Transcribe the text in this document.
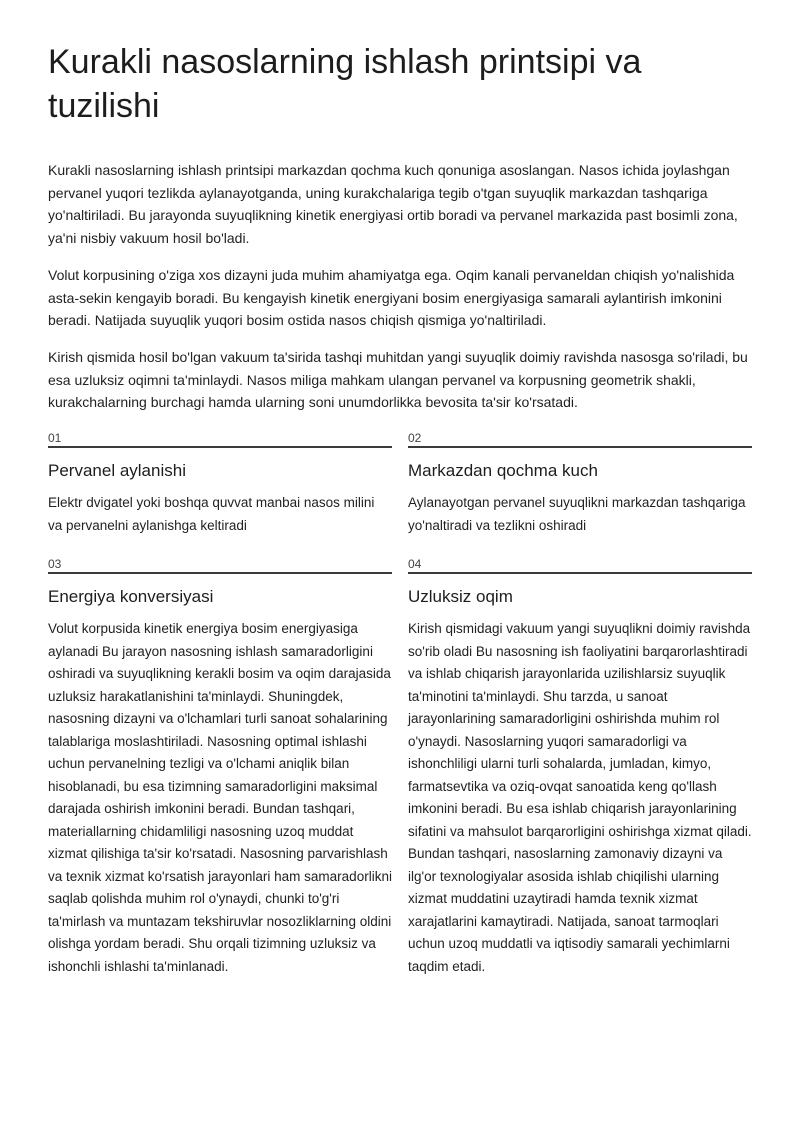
Kurakli nasoslarning ishlash printsipi va tuzilishi

Kurakli nasoslarning ishlash printsipi markazdan qochma kuch qonuniga asoslangan. Nasos ichida joylashgan pervanel yuqori tezlikda aylanayotganda, uning kurakchalariga tegib o'tgan suyuqlik markazdan tashqariga yo'naltiriladi. Bu jarayonda suyuqlikning kinetik energiyasi ortib boradi va pervanel markazida past bosimli zona, ya'ni nisbiy vakuum hosil bo'ladi.

Volut korpusining o'ziga xos dizayni juda muhim ahamiyatga ega. Oqim kanali pervaneldan chiqish yo'nalishida asta-sekin kengayib boradi. Bu kengayish kinetik energiyani bosim energiyasiga samarali aylantirish imkonini beradi. Natijada suyuqlik yuqori bosim ostida nasos chiqish qismiga yo'naltiriladi.

Kirish qismida hosil bo'lgan vakuum ta'sirida tashqi muhitdan yangi suyuqlik doimiy ravishda nasosga so'riladi, bu esa uzluksiz oqimni ta'minlaydi. Nasos miliga mahkam ulangan pervanel va korpusning geometrik shakli, kurakchalarning burchagi hamda ularning soni unumdorlikka bevosita ta'sir ko'rsatadi.

01
Pervanel aylanishi

Elektr dvigatel yoki boshqa quvvat manbai nasos milini va pervanelni aylanishga keltiradi

02
Markazdan qochma kuch

Aylanayotgan pervanel suyuqlikni markazdan tashqariga yo'naltiradi va tezlikni oshiradi

03
Energiya konversiyasi

Volut korpusida kinetik energiya bosim energiyasiga aylanadi Bu jarayon nasosning ishlash samaradorligini oshiradi va suyuqlikning kerakli bosim va oqim darajasida uzluksiz harakatlanishini ta'minlaydi. Shuningdek, nasosning dizayni va o'lchamlari turli sanoat sohalarining talablariga moslashtiriladi. Nasosning optimal ishlashi uchun pervanelning tezligi va o'lchami aniqlik bilan hisoblanadi, bu esa tizimning samaradorligini maksimal darajada oshirish imkonini beradi. Bundan tashqari, materiallarning chidamliligi nasosning uzoq muddat xizmat qilishiga ta'sir ko'rsatadi. Nasosning parvarishlash va texnik xizmat ko'rsatish jarayonlari ham samaradorlikni saqlab qolishda muhim rol o'ynaydi, chunki to'g'ri ta'mirlash va muntazam tekshiruvlar nosozliklarning oldini olishga yordam beradi. Shu orqali tizimning uzluksiz va ishonchli ishlashi ta'minlanadi.

04
Uzluksiz oqim

Kirish qismidagi vakuum yangi suyuqlikni doimiy ravishda so'rib oladi Bu nasosning ish faoliyatini barqarorlashtiradi va ishlab chiqarish jarayonlarida uzilishlarsiz suyuqlik ta'minotini ta'minlaydi. Shu tarzda, u sanoat jarayonlarining samaradorligini oshirishda muhim rol o'ynaydi. Nasoslarning yuqori samaradorligi va ishonchliligi ularni turli sohalarda, jumladan, kimyo, farmatsevtika va oziq-ovqat sanoatida keng qo'llash imkonini beradi. Bu esa ishlab chiqarish jarayonlarining sifatini va mahsulot barqarorligini oshirishga xizmat qiladi. Bundan tashqari, nasoslarning zamonaviy dizayni va ilg'or texnologiyalar asosida ishlab chiqilishi ularning xizmat muddatini uzaytiradi hamda texnik xizmat xarajatlarini kamaytiradi. Natijada, sanoat tarmoqlari uchun uzoq muddatli va iqtisodiy samarali yechimlarni taqdim etadi.
